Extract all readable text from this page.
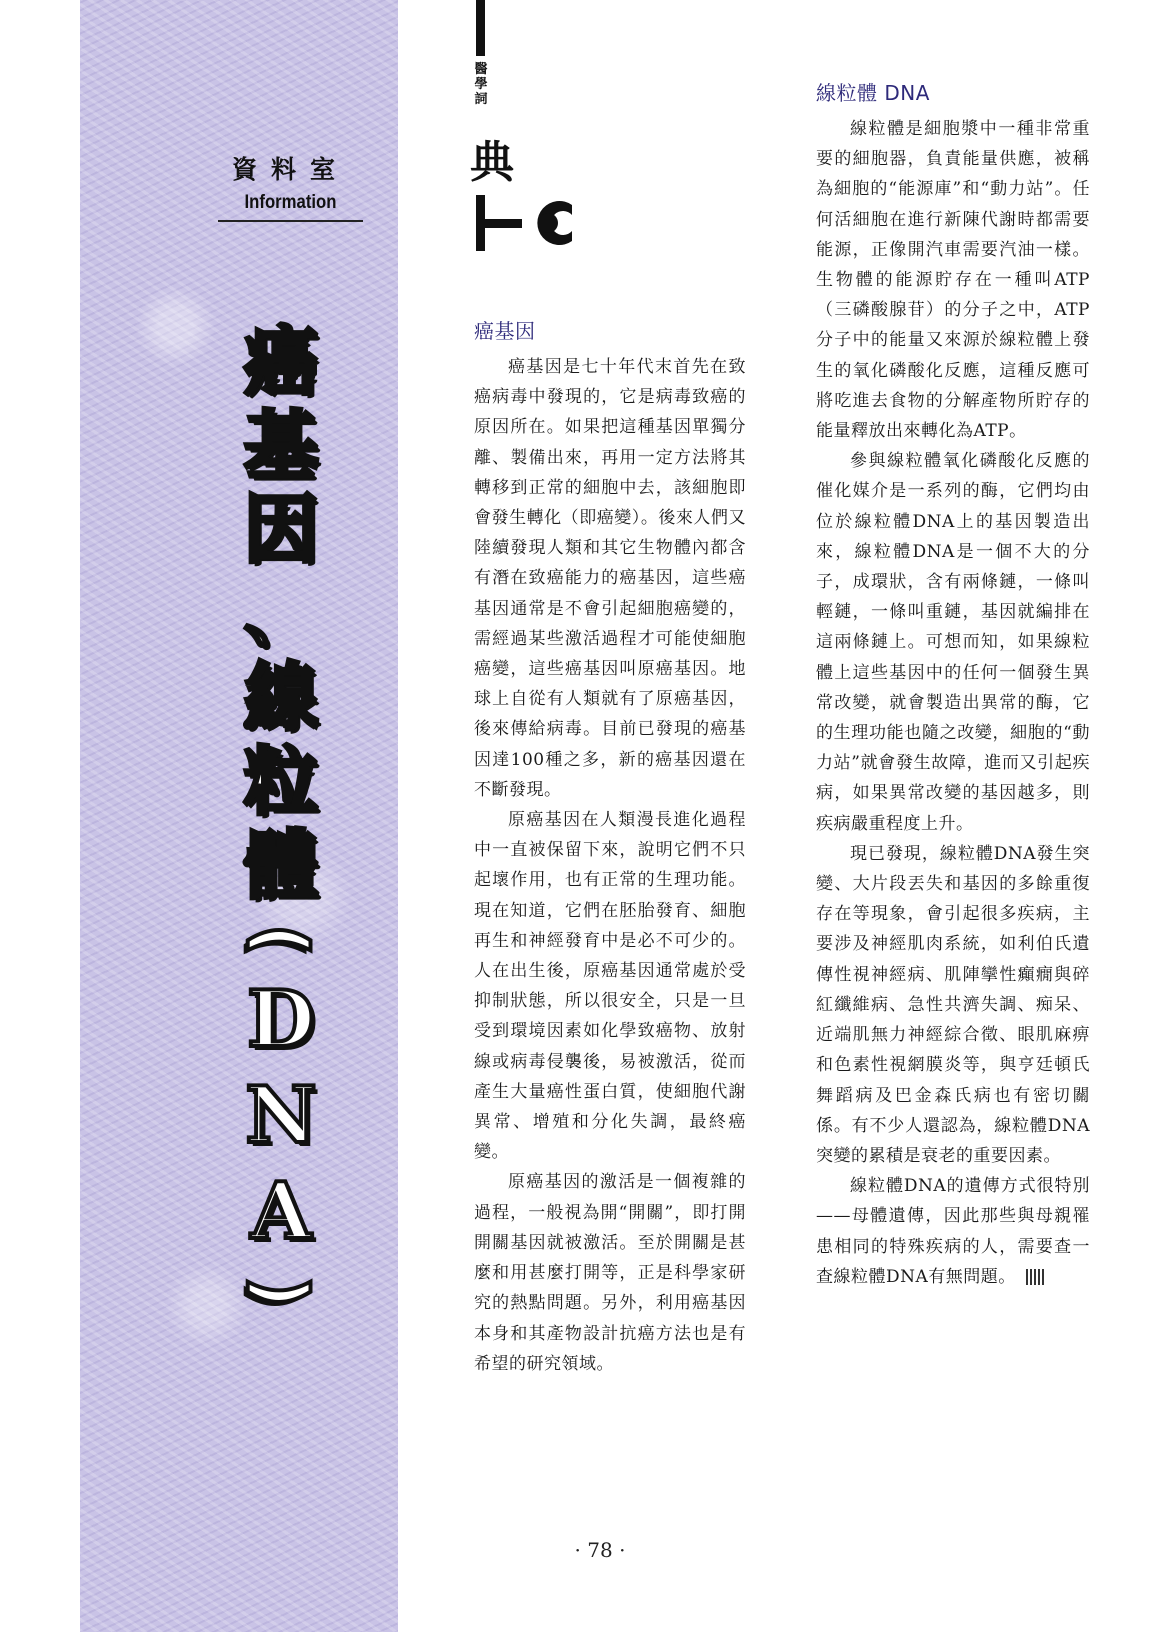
資料室
Information
癌
基
因
、
線
粒
體
(
D
N
A
)
醫學詞
典
癌基因

癌基因是七十年代末首先在致癌病毒中發現的，它是病毒致癌的原因所在。如果把這種基因單獨分離、製備出來，再用一定方法將其轉移到正常的細胞中去，該細胞即會發生轉化（即癌變）。後來人們又陸續發現人類和其它生物體內都含有潛在致癌能力的癌基因，這些癌基因通常是不會引起細胞癌變的，需經過某些激活過程才可能使細胞癌變，這些癌基因叫原癌基因。地球上自從有人類就有了原癌基因，後來傳給病毒。目前已發現的癌基因達100種之多，新的癌基因還在不斷發現。

原癌基因在人類漫長進化過程中一直被保留下來，說明它們不只起壞作用，也有正常的生理功能。現在知道，它們在胚胎發育、細胞再生和神經發育中是必不可少的。人在出生後，原癌基因通常處於受抑制狀態，所以很安全，只是一旦受到環境因素如化學致癌物、放射線或病毒侵襲後，易被激活，從而產生大量癌性蛋白質，使細胞代謝異常、增殖和分化失調，最終癌變。

原癌基因的激活是一個複雜的過程，一般視為開“開關”，即打開開關基因就被激活。至於開關是甚麼和用甚麼打開等，正是科學家研究的熱點問題。另外，利用癌基因本身和其產物設計抗癌方法也是有希望的研究領域。

線粒體 DNA

線粒體是細胞漿中一種非常重要的細胞器，負責能量供應，被稱為細胞的“能源庫”和“動力站”。任何活細胞在進行新陳代謝時都需要能源，正像開汽車需要汽油一樣。生物體的能源貯存在一種叫ATP（三磷酸腺苷）的分子之中，ATP分子中的能量又來源於線粒體上發生的氧化磷酸化反應，這種反應可將吃進去食物的分解產物所貯存的能量釋放出來轉化為ATP。

參與線粒體氧化磷酸化反應的催化媒介是一系列的酶，它們均由位於線粒體DNA上的基因製造出來，線粒體DNA是一個不大的分子，成環狀，含有兩條鏈，一條叫輕鏈，一條叫重鏈，基因就編排在這兩條鏈上。可想而知，如果線粒體上這些基因中的任何一個發生異常改變，就會製造出異常的酶，它的生理功能也隨之改變，細胞的“動力站”就會發生故障，進而又引起疾病，如果異常改變的基因越多，則疾病嚴重程度上升。

現已發現，線粒體DNA發生突變、大片段丟失和基因的多餘重復存在等現象，會引起很多疾病，主要涉及神經肌肉系統，如利伯氏遺傳性視神經病、肌陣攣性癲癇與碎紅纖維病、急性共濟失調、痴呆、近端肌無力神經綜合徵、眼肌麻痹和色素性視網膜炎等，與亨廷頓氏舞蹈病及巴金森氏病也有密切關係。有不少人還認為，線粒體DNA突變的累積是衰老的重要因素。

線粒體DNA的遺傳方式很特別——母體遺傳，因此那些與母親罹患相同的特殊疾病的人，需要查一查線粒體DNA有無問題。

· 78 ·
